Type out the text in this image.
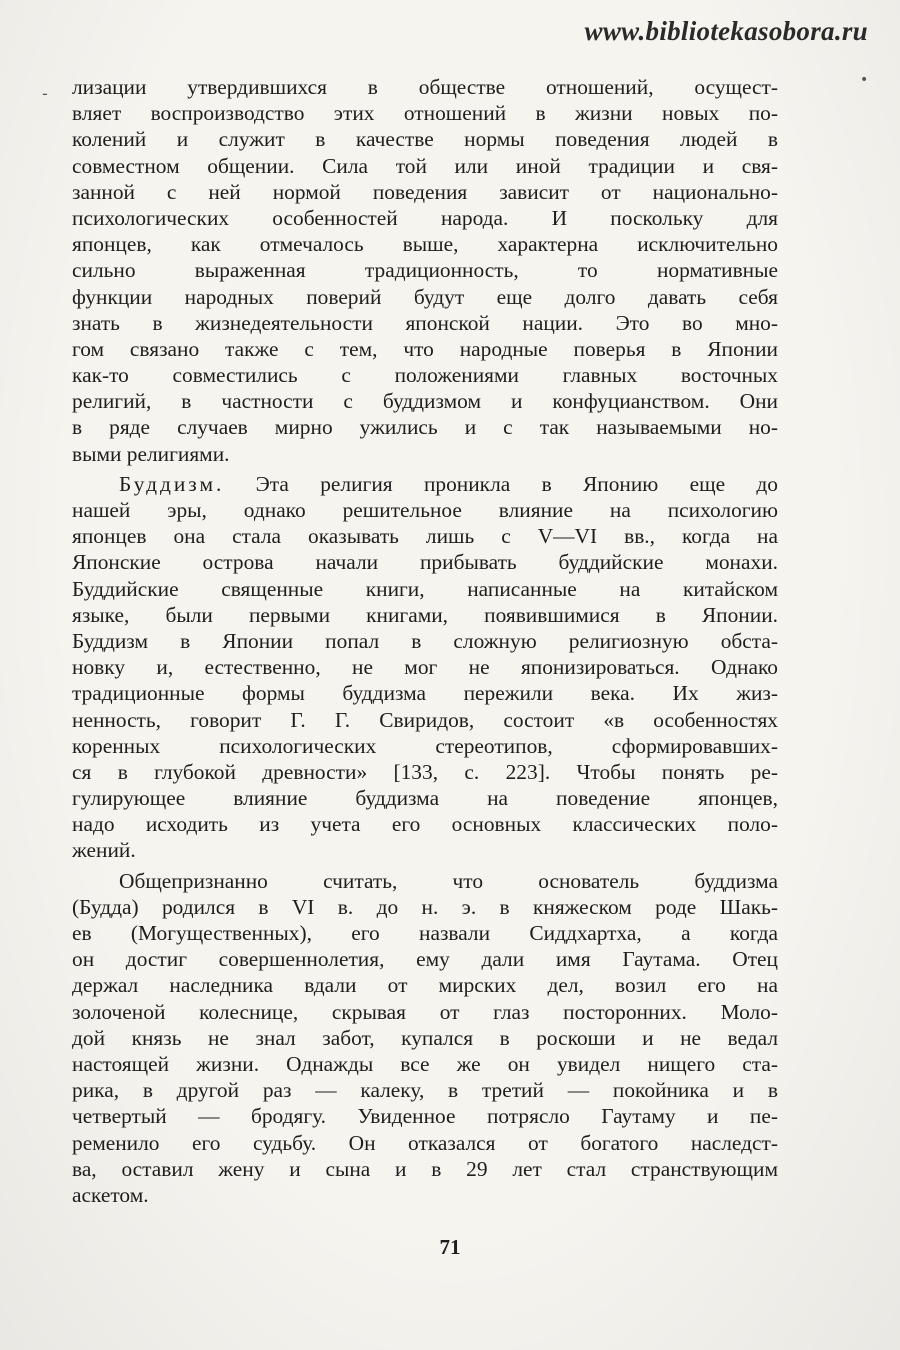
www.bibliotekasobora.ru
-
•
лизации утвердившихся в обществе отношений, осущест-
вляет воспроизводство этих отношений в жизни новых по-
колений и служит в качестве нормы поведения людей в
совместном общении. Сила той или иной традиции и свя-
занной с ней нормой поведения зависит от национально-
психологических особенностей народа. И поскольку для
японцев, как отмечалось выше, характерна исключительно
сильно выраженная традиционность, то нормативные
функции народных поверий будут еще долго давать себя
знать в жизнедеятельности японской нации. Это во мно-
гом связано также с тем, что народные поверья в Японии
как-то совместились с положениями главных восточных
религий, в частности с буддизмом и конфуцианством. Они
в ряде случаев мирно ужились и с так называемыми но-
выми религиями.
Буддизм. Эта религия проникла в Японию еще до
нашей эры, однако решительное влияние на психологию
японцев она стала оказывать лишь с V—VI вв., когда на
Японские острова начали прибывать буддийские монахи.
Буддийские священные книги, написанные на китайском
языке, были первыми книгами, появившимися в Японии.
Буддизм в Японии попал в сложную религиозную обста-
новку и, естественно, не мог не японизироваться. Однако
традиционные формы буддизма пережили века. Их жиз-
ненность, говорит Г. Г. Свиридов, состоит «в особенностях
коренных психологических стереотипов, сформировавших-
ся в глубокой древности» [133, с. 223]. Чтобы понять ре-
гулирующее влияние буддизма на поведение японцев,
надо исходить из учета его основных классических поло-
жений.
Общепризнанно считать, что основатель буддизма
(Будда) родился в VI в. до н. э. в княжеском роде Шакь-
ев (Могущественных), его назвали Сиддхартха, а когда
он достиг совершеннолетия, ему дали имя Гаутама. Отец
держал наследника вдали от мирских дел, возил его на
золоченой колеснице, скрывая от глаз посторонних. Моло-
дой князь не знал забот, купался в роскоши и не ведал
настоящей жизни. Однажды все же он увидел нищего ста-
рика, в другой раз — калеку, в третий — покойника и в
четвертый — бродягу. Увиденное потрясло Гаутаму и пе-
ременило его судьбу. Он отказался от богатого наследст-
ва, оставил жену и сына и в 29 лет стал странствующим
аскетом.
71
